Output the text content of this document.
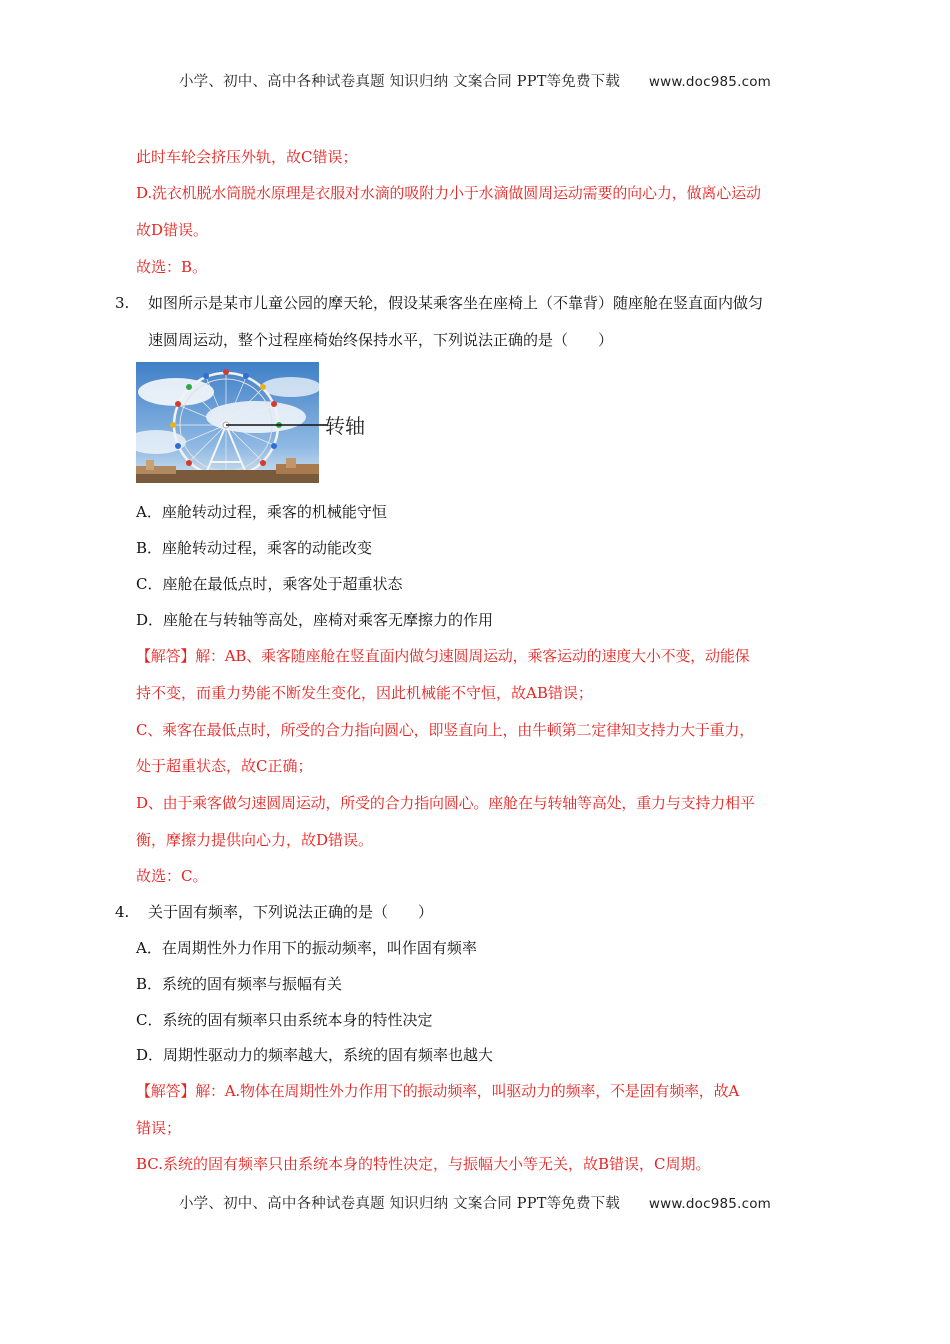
小学、初中、高中各种试卷真题 知识归纳 文案合同 PPT等免费下载 www.doc985.com
此时车轮会挤压外轨，故C错误；
D.洗衣机脱水筒脱水原理是衣服对水滴的吸附力小于水滴做圆周运动需要的向心力，做离心运动
故D错误。
故选：B。
3. 如图所示是某市儿童公园的摩天轮，假设某乘客坐在座椅上（不靠背）随座舱在竖直面内做匀
速圆周运动，整个过程座椅始终保持水平，下列说法正确的是（　　）
转轴
A．座舱转动过程，乘客的机械能守恒
B．座舱转动过程，乘客的动能改变
C．座舱在最低点时，乘客处于超重状态
D．座舱在与转轴等高处，座椅对乘客无摩擦力的作用
【解答】解：AB、乘客随座舱在竖直面内做匀速圆周运动，乘客运动的速度大小不变，动能保
持不变，而重力势能不断发生变化，因此机械能不守恒，故AB错误；
C、乘客在最低点时，所受的合力指向圆心，即竖直向上，由牛顿第二定律知支持力大于重力，
处于超重状态，故C正确；
D、由于乘客做匀速圆周运动，所受的合力指向圆心。座舱在与转轴等高处，重力与支持力相平
衡，摩擦力提供向心力，故D错误。
故选：C。
4. 关于固有频率，下列说法正确的是（　　）
A．在周期性外力作用下的振动频率，叫作固有频率
B．系统的固有频率与振幅有关
C．系统的固有频率只由系统本身的特性决定
D．周期性驱动力的频率越大，系统的固有频率也越大
【解答】解：A.物体在周期性外力作用下的振动频率，叫驱动力的频率，不是固有频率，故A
错误；
BC.系统的固有频率只由系统本身的特性决定，与振幅大小等无关，故B错误，C周期。
小学、初中、高中各种试卷真题 知识归纳 文案合同 PPT等免费下载 www.doc985.com
